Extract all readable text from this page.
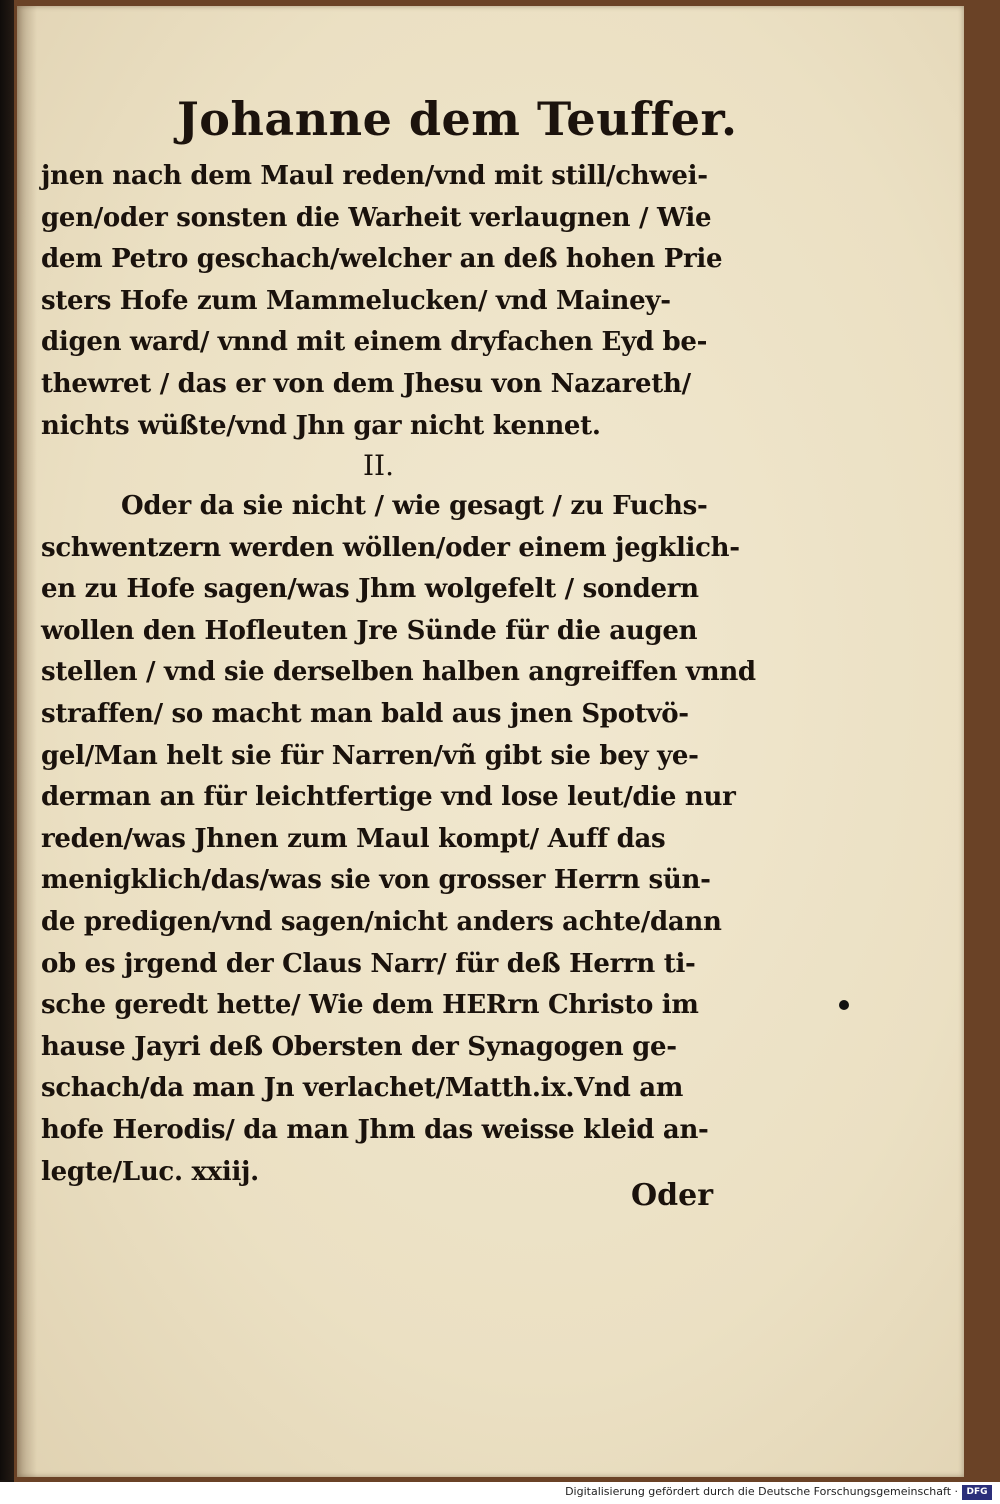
Johanne dem Teuffer.
jnen nach dem Maul reden/vnd mit still/chwei-
gen/oder sonsten die Warheit verlaugnen / Wie
dem Petro geschach/welcher an deß hohen Prie
sters Hofe zum Mammelucken/ vnd Mainey-
digen ward/ vnnd mit einem dryfachen Eyd be-
thewret / das er von dem Jhesu von Nazareth/
nichts wüßte/vnd Jhn gar nicht kennet.
II.
Oder da sie nicht / wie gesagt / zu Fuchs-
schwentzern werden wöllen/oder einem jegklich-
en zu Hofe sagen/was Jhm wolgefelt / sondern
wollen den Hofleuten Jre Sünde für die augen
stellen / vnd sie derselben halben angreiffen vnnd
straffen/ so macht man bald aus jnen Spotvö-
gel/Man helt sie für Narren/vñ gibt sie bey ye-
derman an für leichtfertige vnd lose leut/die nur
reden/was Jhnen zum Maul kompt/ Auff das
menigklich/das/was sie von grosser Herrn sün-
de predigen/vnd sagen/nicht anders achte/dann
ob es jrgend der Claus Narr/ für deß Herrn ti-
sche geredt hette/ Wie dem HERrn Christo im
hause Jayri deß Obersten der Synagogen ge-
schach/da man Jn verlachet/Matth.ix.Vnd am
hofe Herodis/ da man Jhm das weisse kleid an-
legte/Luc. xxiij.
Oder
Digitalisierung gefördert durch die Deutsche Forschungsgemeinschaft · DFG
